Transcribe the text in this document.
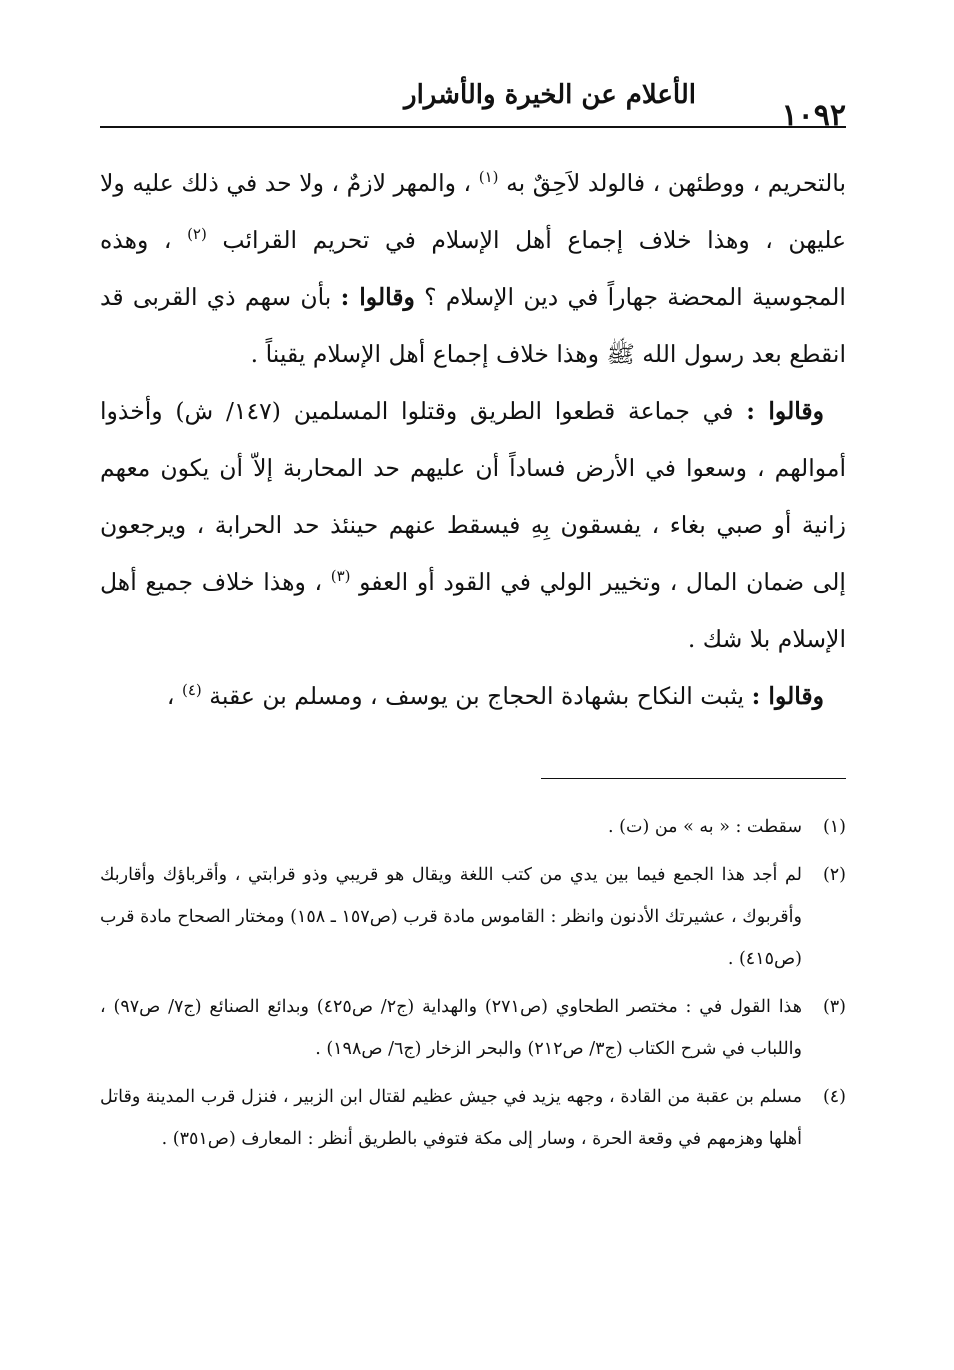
١٠٩٢
الأعلام عن الخيرة والأشرار

بالتحريم ، ووطئهن ، فالولد لاَحِقٌ به $^{(١)}$ ، والمهر لازمٌ ، ولا حد في ذلك عليه ولا عليهن ، وهذا خلاف إجماع أهل الإسلام في تحريم القرائب $^{(٢)}$ ، وهذه المجوسية المحضة جهاراً في دين الإسلام ؟ وقالوا : بأن سهم ذي القربى قد انقطع بعد رسول الله ﷺ وهذا خلاف إجماع أهل الإسلام يقيناً .

وقالوا : في جماعة قطعوا الطريق وقتلوا المسلمين (١٤٧/ ش) وأخذوا أموالهم ، وسعوا في الأرض فساداً أن عليهم حد المحاربة إلاّ أن يكون معهم زانية أو صبي بغاء ، يفسقون بِهِ فيسقط عنهم حينئذ حد الحرابة ، ويرجعون إلى ضمان المال ، وتخيير الولي في القود أو العفو $^{(٣)}$ ، وهذا خلاف جميع أهل الإسلام بلا شك .

وقالوا : يثبت النكاح بشهادة الحجاج بن يوسف ، ومسلم بن عقبة $^{(٤)}$ ،

(١)
سقطت : « به » من (ت) .
(٢)
لم أجد هذا الجمع فيما بين يدي من كتب اللغة ويقال هو قريبي وذو قرابتي ، وأقرباؤك وأقاربك وأقربوك ، عشيرتك الأدنون وانظر : القاموس مادة قرب (ص١٥٧ ـ ١٥٨) ومختار الصحاح مادة قرب (ص٤١٥) .
(٣)
هذا القول في : مختصر الطحاوي (ص٢٧١) والهداية (ج٢/ ص٤٢٥) وبدائع الصنائع (ج٧/ ص٩٧) ، واللباب في شرح الكتاب (ج٣/ ص٢١٢) والبحر الزخار (ج٦/ ص١٩٨) .
(٤)
مسلم بن عقبة من القادة ، وجهه يزيد في جيش عظيم لقتال ابن الزبير ، فنزل قرب المدينة وقاتل أهلها وهزمهم في وقعة الحرة ، وسار إلى مكة فتوفي بالطريق أنظر : المعارف (ص٣٥١) .
